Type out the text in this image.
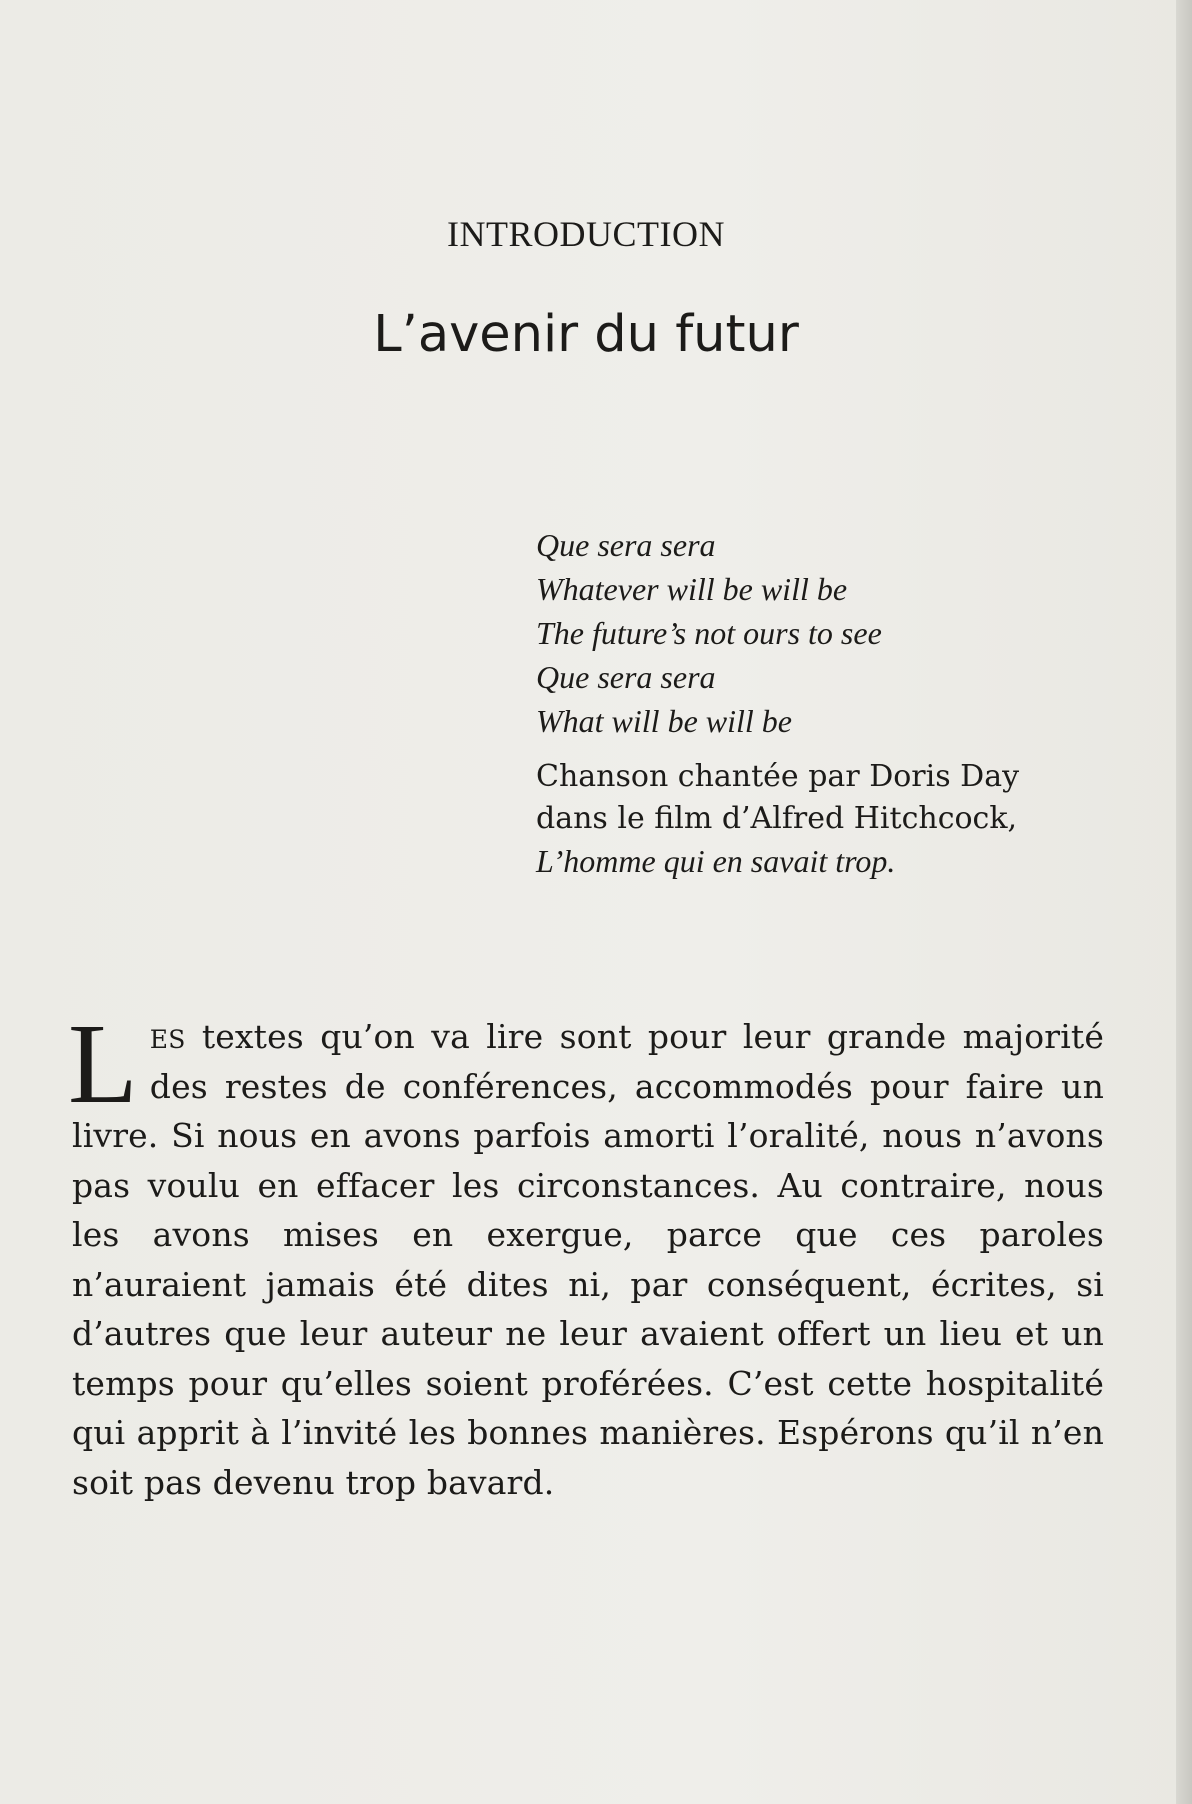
INTRODUCTION
L’avenir du futur
Que sera sera
Whatever will be will be
The future’s not ours to see
Que sera sera
What will be will be
Chanson chantée par Doris Day
dans le film d’Alfred Hitchcock,
L’homme qui en savait trop.
Les textes qu’on va lire sont pour leur grande majorité des restes de conférences, accommodés pour faire un livre. Si nous en avons parfois amorti l’oralité, nous n’avons pas voulu en effacer les circonstances. Au contraire, nous les avons mises en exergue, parce que ces paroles n’auraient jamais été dites ni, par conséquent, écrites, si d’autres que leur auteur ne leur avaient offert un lieu et un temps pour qu’elles soient proférées. C’est cette hospitalité qui apprit à l’invité les bonnes manières. Espérons qu’il n’en soit pas devenu trop bavard.
